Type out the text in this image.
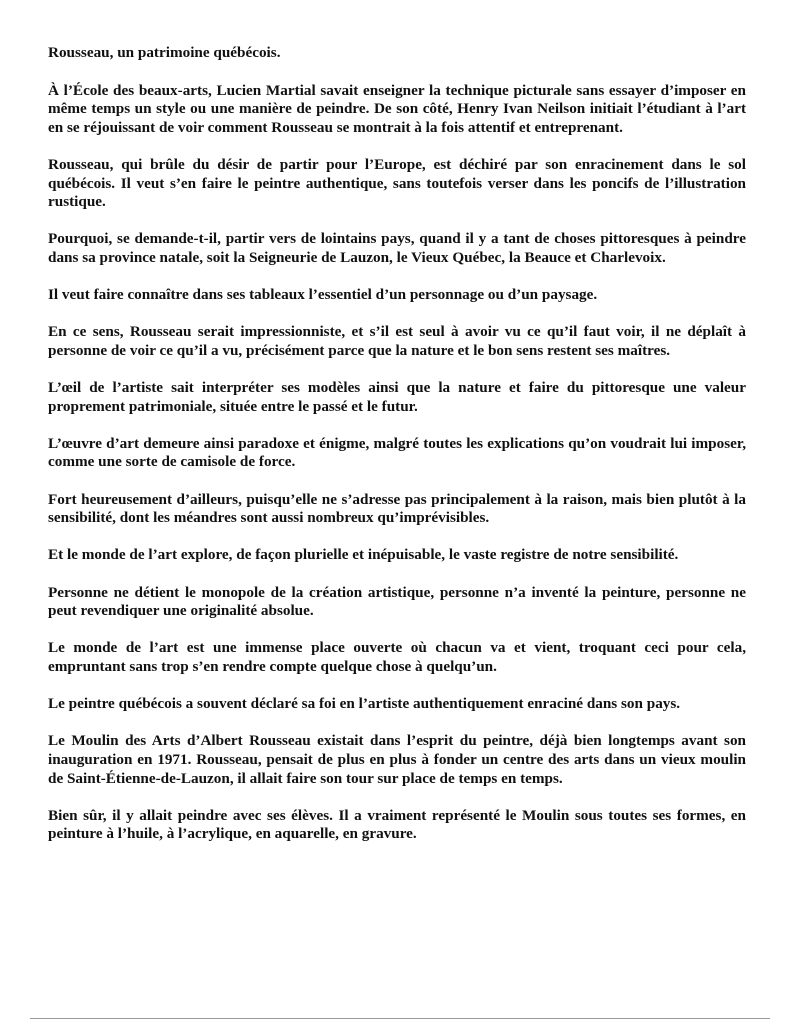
Rousseau, un patrimoine québécois.

À l’École des beaux-arts, Lucien Martial savait enseigner la technique picturale sans essayer d’imposer en même temps un style ou une manière de peindre. De son côté, Henry Ivan Neilson initiait l’étudiant à l’art en se réjouissant de voir comment Rousseau se montrait à la fois attentif et entreprenant.

Rousseau, qui brûle du désir de partir pour l’Europe, est déchiré par son enracinement dans le sol québécois. Il veut s’en faire le peintre authentique, sans toutefois verser dans les poncifs de l’illustration rustique.

Pourquoi, se demande-t-il, partir vers de lointains pays, quand il y a tant de choses pittoresques à peindre dans sa province natale, soit la Seigneurie de Lauzon, le Vieux Québec, la Beauce et Charlevoix.

Il veut faire connaître dans ses tableaux l’essentiel d’un personnage ou d’un paysage.

En ce sens, Rousseau serait impressionniste, et s’il est seul à avoir vu ce qu’il faut voir, il ne déplaît à personne de voir ce qu’il a vu, précisément parce que la nature et le bon sens restent ses maîtres.

L’œil de l’artiste sait interpréter ses modèles ainsi que la nature et faire du pittoresque une valeur proprement patrimoniale, située entre le passé et le futur.

L’œuvre d’art demeure ainsi paradoxe et énigme, malgré toutes les explications qu’on voudrait lui imposer, comme une sorte de camisole de force.

Fort heureusement d’ailleurs, puisqu’elle ne s’adresse pas principalement à la raison, mais bien plutôt à la sensibilité, dont les méandres sont aussi nombreux qu’imprévisibles.

Et le monde de l’art explore, de façon plurielle et inépuisable, le vaste registre de notre sensibilité.

Personne ne détient le monopole de la création artistique, personne n’a inventé la peinture, personne ne peut revendiquer une originalité absolue.

Le monde de l’art est une immense place ouverte où chacun va et vient, troquant ceci pour cela, empruntant sans trop s’en rendre compte quelque chose à quelqu’un.

Le peintre québécois a souvent déclaré sa foi en l’artiste authentiquement enraciné dans son pays.

Le Moulin des Arts d’Albert Rousseau existait dans l’esprit du peintre, déjà bien longtemps avant son inauguration en 1971. Rousseau, pensait de plus en plus à fonder un centre des arts dans un vieux moulin de Saint-Étienne-de-Lauzon, il allait faire son tour sur place de temps en temps.

Bien sûr, il y allait peindre avec ses élèves. Il a vraiment représenté le Moulin sous toutes ses formes, en peinture à l’huile, à l’acrylique, en aquarelle, en gravure.
